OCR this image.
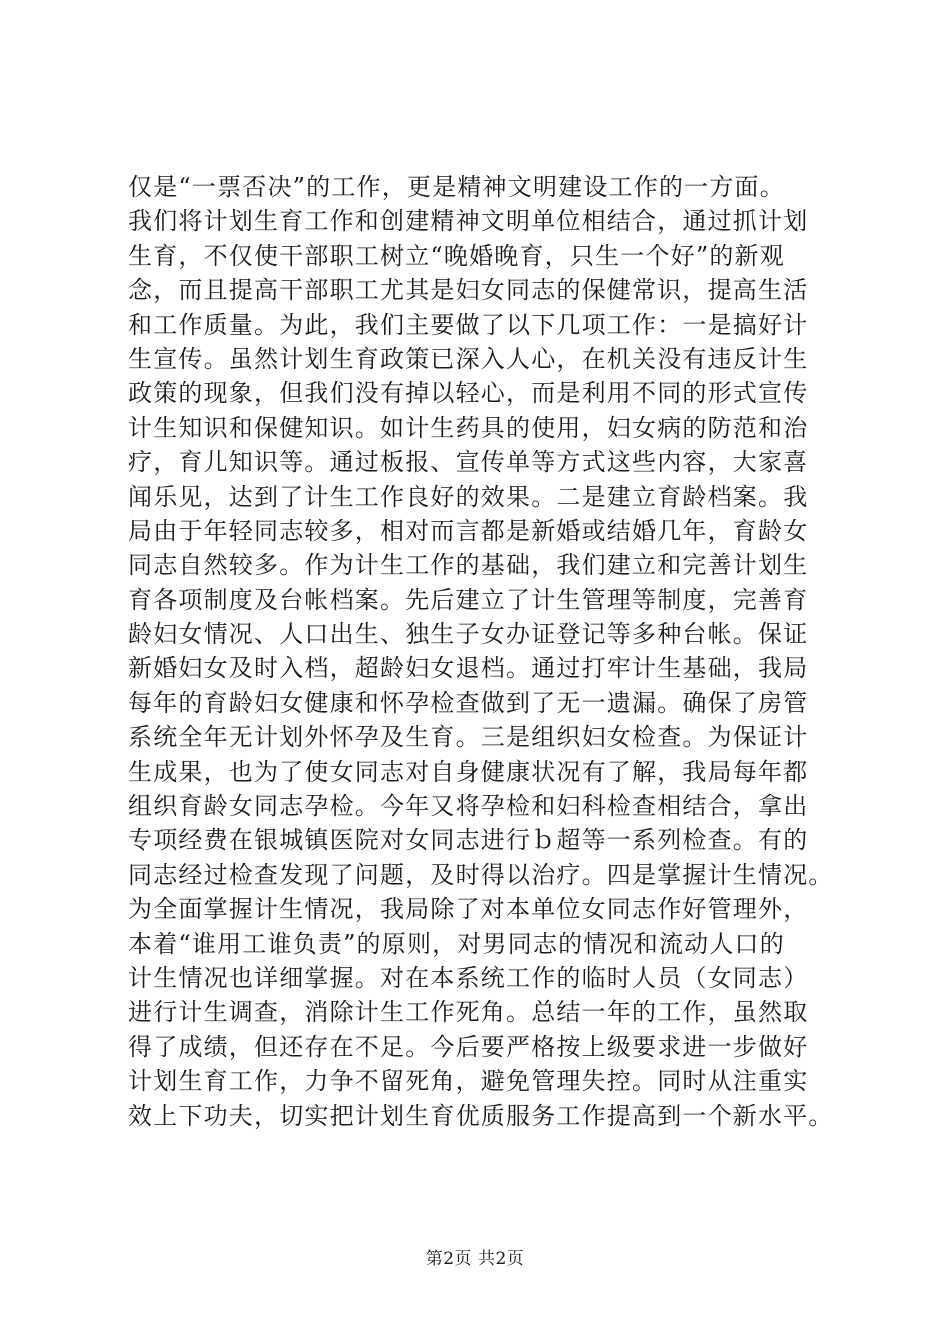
仅是“一票否决”的工作，更是精神文明建设工作的一方面。
我们将计划生育工作和创建精神文明单位相结合，通过抓计划
生育，不仅使干部职工树立“晚婚晚育，只生一个好”的新观
念，而且提高干部职工尤其是妇女同志的保健常识，提高生活
和工作质量。为此，我们主要做了以下几项工作：一是搞好计
生宣传。虽然计划生育政策已深入人心，在机关没有违反计生
政策的现象，但我们没有掉以轻心，而是利用不同的形式宣传
计生知识和保健知识。如计生药具的使用，妇女病的防范和治
疗，育儿知识等。通过板报、宣传单等方式这些内容，大家喜
闻乐见，达到了计生工作良好的效果。二是建立育龄档案。我
局由于年轻同志较多，相对而言都是新婚或结婚几年，育龄女
同志自然较多。作为计生工作的基础，我们建立和完善计划生
育各项制度及台帐档案。先后建立了计生管理等制度，完善育
龄妇女情况、人口出生、独生子女办证登记等多种台帐。保证
新婚妇女及时入档，超龄妇女退档。通过打牢计生基础，我局
每年的育龄妇女健康和怀孕检查做到了无一遗漏。确保了房管
系统全年无计划外怀孕及生育。三是组织妇女检查。为保证计
生成果，也为了使女同志对自身健康状况有了解，我局每年都
组织育龄女同志孕检。今年又将孕检和妇科检查相结合，拿出
专项经费在银城镇医院对女同志进行ｂ超等一系列检查。有的
同志经过检查发现了问题，及时得以治疗。四是掌握计生情况。
为全面掌握计生情况，我局除了对本单位女同志作好管理外，
本着“谁用工谁负责”的原则，对男同志的情况和流动人口的
计生情况也详细掌握。对在本系统工作的临时人员（女同志）
进行计生调查，消除计生工作死角。总结一年的工作，虽然取
得了成绩，但还存在不足。今后要严格按上级要求进一步做好
计划生育工作，力争不留死角，避免管理失控。同时从注重实
效上下功夫，切实把计划生育优质服务工作提高到一个新水平。
第2页 共2页
